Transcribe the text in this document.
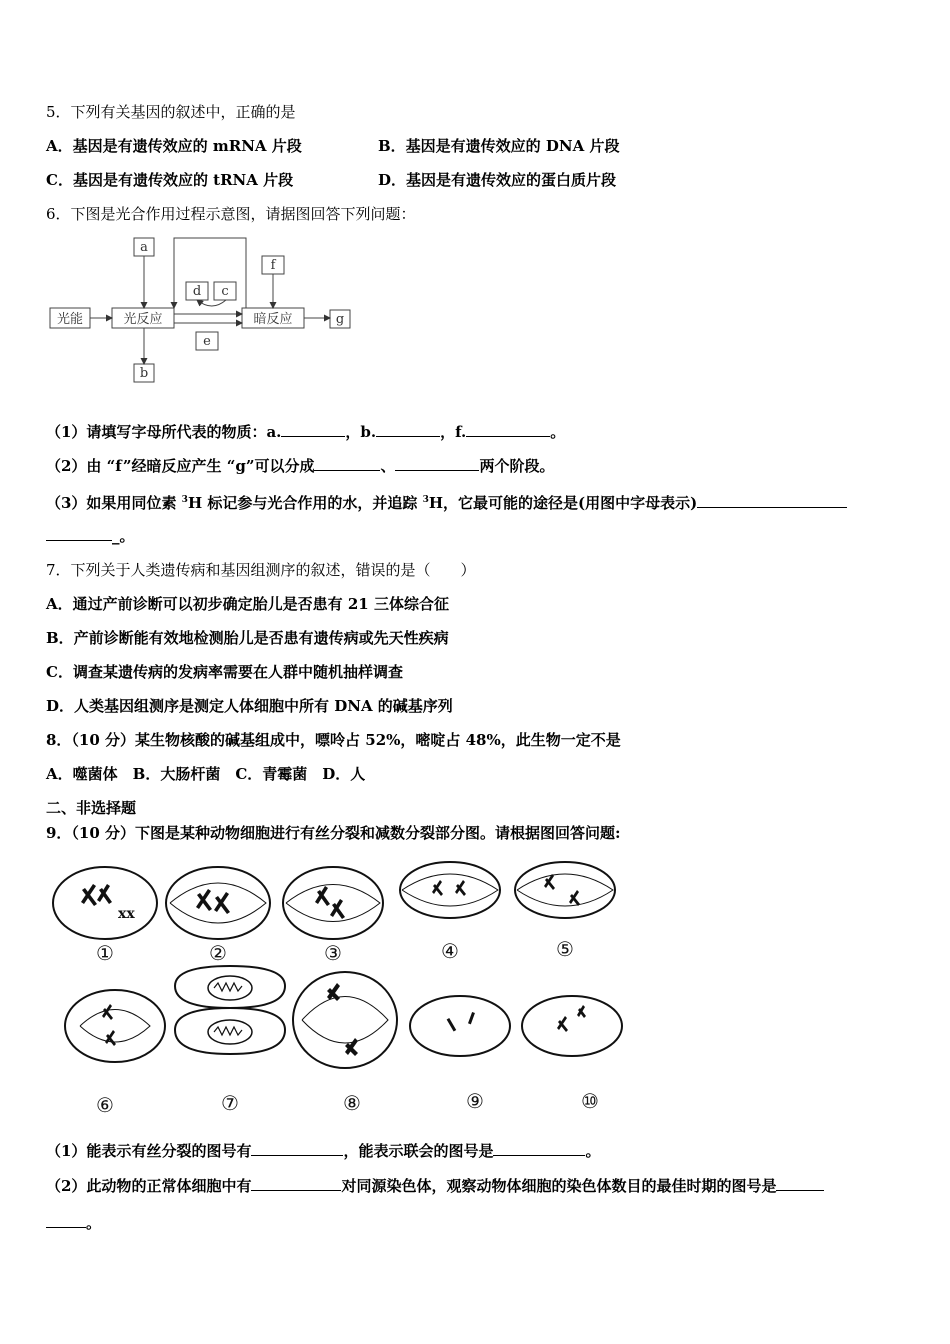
5．下列有关基因的叙述中，正确的是
A．基因是有遗传效应的 mRNA 片段	B．基因是有遗传效应的 DNA 片段
C．基因是有遗传效应的 tRNA 片段	D．基因是有遗传效应的蛋白质片段
6．下图是光合作用过程示意图，请据图回答下列问题：
光能	光反应	暗反应
a
b
d c
e
f
g
（1）请填写字母所代表的物质：a.	，b.	，f.	。
（2）由 “f”经暗反应产生 “g”可以分成	、	两个阶段。
（3）如果用同位素 $^3$H 标记参与光合作用的水，并追踪 $^3$H，它最可能的途径是(用图中字母表示)
_。
7．下列关于人类遗传病和基因组测序的叙述，错误的是（　　）
A．通过产前诊断可以初步确定胎儿是否患有 21 三体综合征
B．产前诊断能有效地检测胎儿是否患有遗传病或先天性疾病
C．调查某遗传病的发病率需要在人群中随机抽样调查
D．人类基因组测序是测定人体细胞中所有 DNA 的碱基序列
8．（10 分）某生物核酸的碱基组成中，嘌呤占 52%，嘧啶占 48%，此生物一定不是
A．噬菌体　B．大肠杆菌　C．青霉菌　D．人
二、非选择题
9．（10 分）下图是某种动物细胞进行有丝分裂和减数分裂部分图。请根据图回答问题:
xx
①	②	③	④	⑤
⑥	⑦	⑧	⑨	⑩
（1）能表示有丝分裂的图号有	，能表示联会的图号是	。
（2）此动物的正常体细胞中有	对同源染色体，观察动物体细胞的染色体数目的最佳时期的图号是
。
